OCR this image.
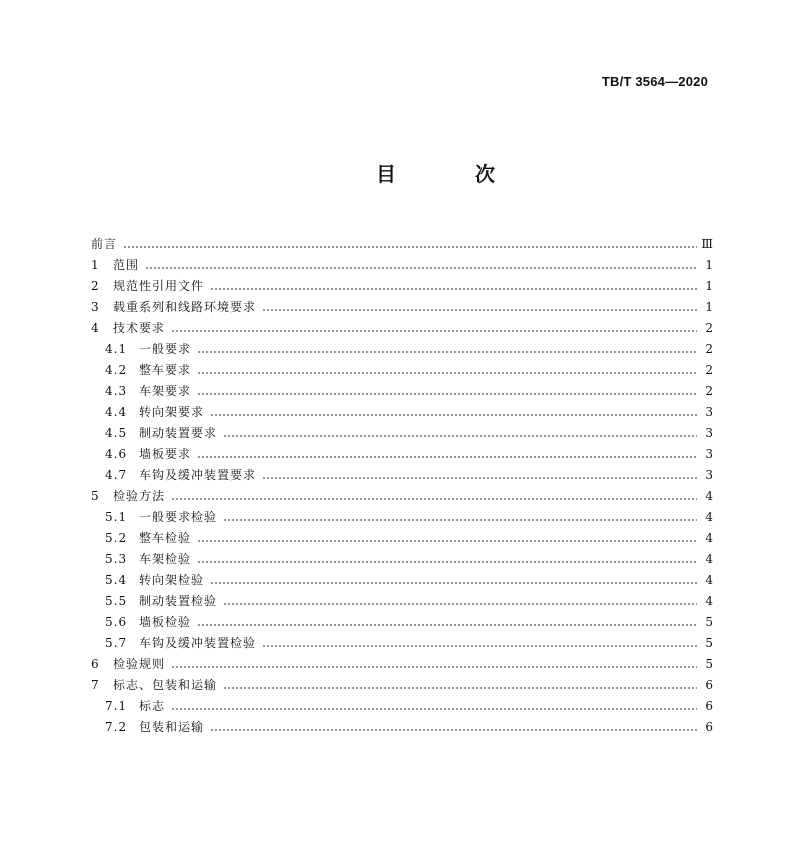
TB/T 3564—2020
目 次
前言	Ⅲ
1	范围	1
2	规范性引用文件	1
3	载重系列和线路环境要求	1
4	技术要求	2
4.1 一般要求	2
4.2 整车要求	2
4.3 车架要求	2
4.4 转向架要求	3
4.5 制动装置要求	3
4.6 墙板要求	3
4.7 车钩及缓冲装置要求	3
5	检验方法	4
5.1 一般要求检验	4
5.2 整车检验	4
5.3 车架检验	4
5.4 转向架检验	4
5.5 制动装置检验	4
5.6 墙板检验	5
5.7 车钩及缓冲装置检验	5
6	检验规则	5
7	标志、包装和运输	6
7.1 标志	6
7.2 包装和运输	6
